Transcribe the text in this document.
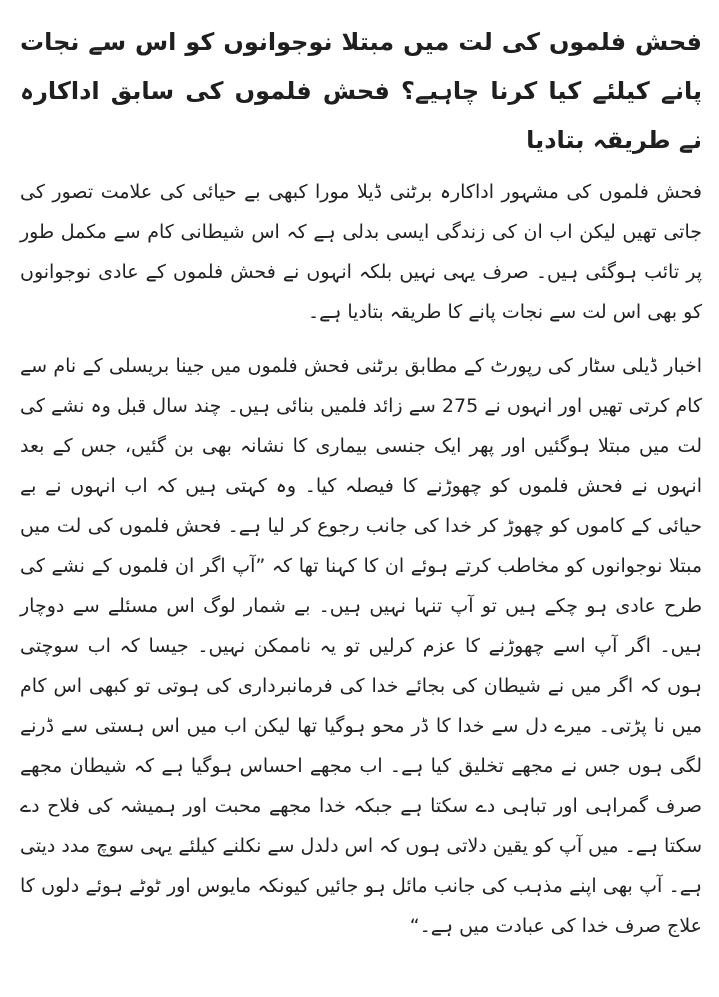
فحش فلموں کی لت میں مبتلا نوجوانوں کو اس سے نجات پانے کیلئے کیا کرنا چاہیے؟ فحش فلموں کی سابق اداکارہ نے طریقہ بتادیا

فحش فلموں کی مشہور اداکارہ برٹنی ڈیلا مورا کبھی بے حیائی کی علامت تصور کی جاتی تھیں لیکن اب ان کی زندگی ایسی بدلی ہے کہ اس شیطانی کام سے مکمل طور پر تائب ہوگئی ہیں۔ صرف یہی نہیں بلکہ انہوں نے فحش فلموں کے عادی نوجوانوں کو بھی اس لت سے نجات پانے کا طریقہ بتادیا ہے۔

اخبار ڈیلی سٹار کی رپورٹ کے مطابق برٹنی فحش فلموں میں جینا بریسلی کے نام سے کام کرتی تھیں اور انہوں نے 275 سے زائد فلمیں بنائی ہیں۔ چند سال قبل وہ نشے کی لت میں مبتلا ہوگئیں اور پھر ایک جنسی بیماری کا نشانہ بھی بن گئیں، جس کے بعد انہوں نے فحش فلموں کو چھوڑنے کا فیصلہ کیا۔ وہ کہتی ہیں کہ اب انہوں نے بے حیائی کے کاموں کو چھوڑ کر خدا کی جانب رجوع کر لیا ہے۔ فحش فلموں کی لت میں مبتلا نوجوانوں کو مخاطب کرتے ہوئے ان کا کہنا تھا کہ ”آپ اگر ان فلموں کے نشے کی طرح عادی ہو چکے ہیں تو آپ تنہا نہیں ہیں۔ بے شمار لوگ اس مسئلے سے دوچار ہیں۔ اگر آپ اسے چھوڑنے کا عزم کرلیں تو یہ ناممکن نہیں۔ جیسا کہ اب سوچتی ہوں کہ اگر میں نے شیطان کی بجائے خدا کی فرمانبرداری کی ہوتی تو کبھی اس کام میں نا پڑتی۔ میرے دل سے خدا کا ڈر محو ہوگیا تھا لیکن اب میں اس ہستی سے ڈرنے لگی ہوں جس نے مجھے تخلیق کیا ہے۔ اب مجھے احساس ہوگیا ہے کہ شیطان مجھے صرف گمراہی اور تباہی دے سکتا ہے جبکہ خدا مجھے محبت اور ہمیشہ کی فلاح دے سکتا ہے۔ میں آپ کو یقین دلاتی ہوں کہ اس دلدل سے نکلنے کیلئے یہی سوچ مدد دیتی ہے۔ آپ بھی اپنے مذہب کی جانب مائل ہو جائیں کیونکہ مایوس اور ٹوٹے ہوئے دلوں کا علاج صرف خدا کی عبادت میں ہے۔“
